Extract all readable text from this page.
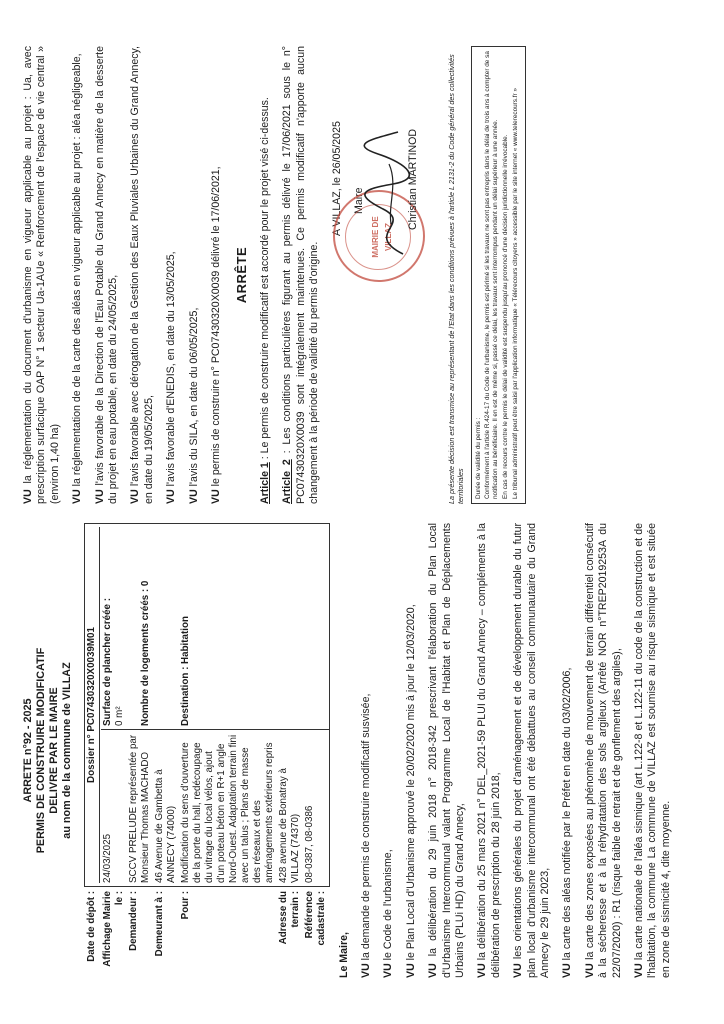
ARRETE n°92 - 2025 PERMIS DE CONSTRUIRE MODIFICATIF DELIVRE PAR LE MAIRE au nom de la commune de VILLAZ

Date de dépôt :	Dossier n° PC07430320X0039M01	

Affichage Mairie le :	24/03/2025	Surface de plancher créée : 0 m² Nombre de logements créés : 0

Demandeur :	SCCV PRELUDE représentée par Monsieur Thomas MACHADO	
Demeurant à :	46 Avenue de Gambetta à ANNECY (74000)	
Pour :	Modification du sens d'ouverture de la porte du hall, redécoupage du vitrage du local vélos, ajout d'un poteau béton en R+1 angle Nord-Ouest. Adaptation terrain fini avec un talus ; Plans de masse des réseaux et des aménagements extérieurs repris	Destination : Habitation
Adresse du terrain :	428 avenue de Bonatray à VILLAZ (74370)	
Référence cadastrale :	08-0387, 08-0386	

Le Maire, VU la demande de permis de construire modificatif susvisée,

VU le Code de l'urbanisme,

VU le Plan Local d'Urbanisme approuvé le 20/02/2020 mis à jour le 12/03/2020,

VU la délibération du 29 juin 2018 n° 2018-342 prescrivant l'élaboration du Plan Local d'Urbanisme Intercommunal valant Programme Local de l'Habitat et Plan de Déplacements Urbains (PLUi HD) du Grand Annecy, VU la délibération du 25 mars 2021 n° DEL_2021-59 PLUI du Grand Annecy – compléments à la délibération de prescription du 28 juin 2018, VU les orientations générales du projet d'aménagement et de développement durable du futur plan local d'urbanisme intercommunal ont été débattues au conseil communautaire du Grand Annecy le 29 juin 2023, VU la carte des aléas notifiée par le Préfet en date du 03/02/2006,

VU la carte des zones exposées au phénomène de mouvement de terrain différentiel consécutif à la sécheresse et à la réhydratation des sols argileux (Arrêté NOR n°TREP2019253A du 22/07/2020) : R1 (risque faible de retrait et de gonflement des argiles), VU la carte nationale de l'aléa sismique (art L.122-8 et L.122-11 du code de la construction et de l'habitation, la commune La commune de VILLAZ est soumise au risque sismique et est située en zone de sismicité 4, dite moyenne.

VU la réglementation du document d'urbanisme en vigueur applicable au projet : Ua, avec prescription surfacique OAP N° 1 secteur Ua-1AUe « Renforcement de l'espace de vie central » (environ 1,40 ha) VU la réglementation de de la carte des aléas en vigueur applicable au projet : aléa négligeable,

VU l'avis favorable de la Direction de l'Eau Potable du Grand Annecy en matière de la desserte du projet en eau potable, en date du 24/05/2025, VU l'avis favorable avec dérogation de la Gestion des Eaux Pluviales Urbaines du Grand Annecy, en date du 19/05/2025, VU l'avis favorable d'ENEDIS, en date du 13/05/2025,

VU l'avis du SILA, en date du 06/05/2025,

VU le permis de construire n° PC07430320X0039 délivré le 17/06/2021, ARRÊTE

Article 1 : Le permis de construire modificatif est accordé pour le projet visé ci-dessus.

Article 2 : Les conditions particulières figurant au permis délivré le 17/06/2021 sous le n° PC07430320X0039 sont intégralement maintenues. Ce permis modificatif n'apporte aucun changement à la période de validité du permis d'origine.

A VILLAZ, le 26/05/2025 Maire
MAIRIE DE VILLAZ
Christian MARTINOD	La présente décision est transmise au représentant de l'Etat dans les conditions prévues à l'article L 2131-2 du Code général des collectivités territoriales Durée de validité du permis : Conformément à l'article R.424-17 du Code de l'urbanisme, le permis est périmé si les travaux ne sont pas entrepris dans le délai de trois ans à compter de sa notification au bénéficiaire. Il en est de même si, passé ce délai, les travaux sont interrompus pendant un délai supérieur à une année. En cas de recours contre le permis le délai de validité est suspendu jusqu'au prononcé d'une décision juridictionnelle irrévocable. Le tribunal administratif peut être saisi par l'application informatique « Télérecours citoyens » accessible par le site internet « www.telerecours.fr »
